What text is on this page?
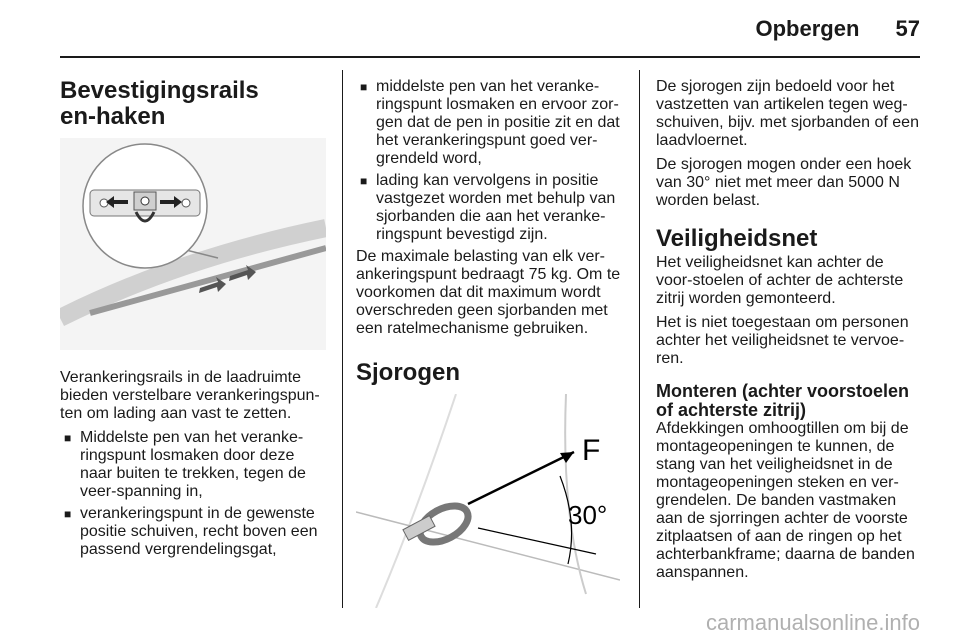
Opbergen 57
Bevestigingsrails en-haken

Verankeringsrails in de laadruimte bieden verstelbare verankeringspun-ten om lading aan vast te zetten.

■ Middelste pen van het veranke-ringspunt losmaken door deze naar buiten te trekken, tegen de veer-spanning in,
■ verankeringspunt in de gewenste positie schuiven, recht boven een passend vergrendelingsgat,
■ middelste pen van het veranke-ringspunt losmaken en ervoor zor-gen dat de pen in positie zit en dat het verankeringspunt goed ver-grendeld word,
■ lading kan vervolgens in positie vastgezet worden met behulp van sjorbanden die aan het veranke-ringspunt bevestigd zijn.

De maximale belasting van elk ver-ankeringspunt bedraagt 75 kg. Om te voorkomen dat dit maximum wordt overschreden geen sjorbanden met een ratelmechanisme gebruiken.

Sjorogen
F
30°

De sjorogen zijn bedoeld voor het vastzetten van artikelen tegen weg-schuiven, bijv. met sjorbanden of een laadvloernet.

De sjorogen mogen onder een hoek van 30° niet met meer dan 5000 N worden belast.

Veiligheidsnet

Het veiligheidsnet kan achter de voor-stoelen of achter de achterste zitrij worden gemonteerd.

Het is niet toegestaan om personen achter het veiligheidsnet te vervoe-ren.

Monteren (achter voorstoelen of achterste zitrij)

Afdekkingen omhoogtillen om bij de montageopeningen te kunnen, de stang van het veiligheidsnet in de montageopeningen steken en ver-grendelen. De banden vastmaken aan de sjorringen achter de voorste zitplaatsen of aan de ringen op het achterbankframe; daarna de banden aanspannen.

carmanualsonline.info
